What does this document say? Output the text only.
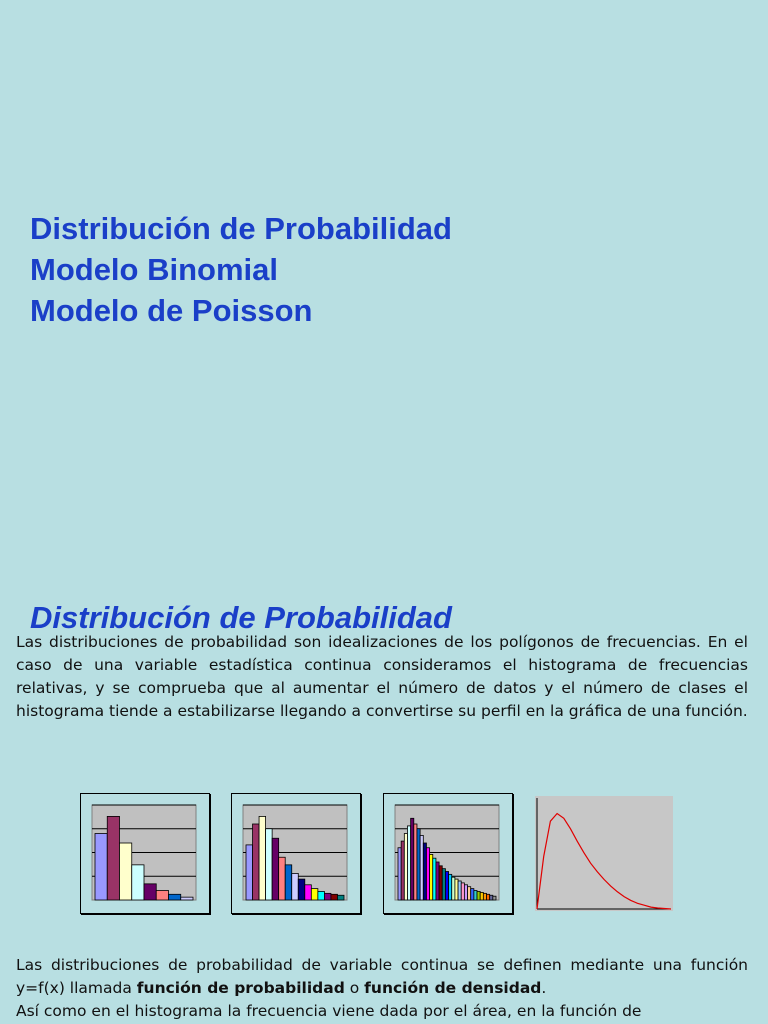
Distribución de Probabilidad
Modelo Binomial
Modelo de Poisson
Distribución de Probabilidad
Las distribuciones de probabilidad son idealizaciones de los polígonos de frecuencias. En el caso de una variable estadística continua consideramos el histograma de frecuencias relativas, y se comprueba que al aumentar el número de datos y el número de clases el histograma tiende a estabilizarse llegando a convertirse su perfil en la gráfica de una función.
Las distribuciones de probabilidad de variable continua se definen mediante una función y=f(x) llamada función de probabilidad o función de densidad.
Así como en el histograma la frecuencia viene dada por el área, en la función de
